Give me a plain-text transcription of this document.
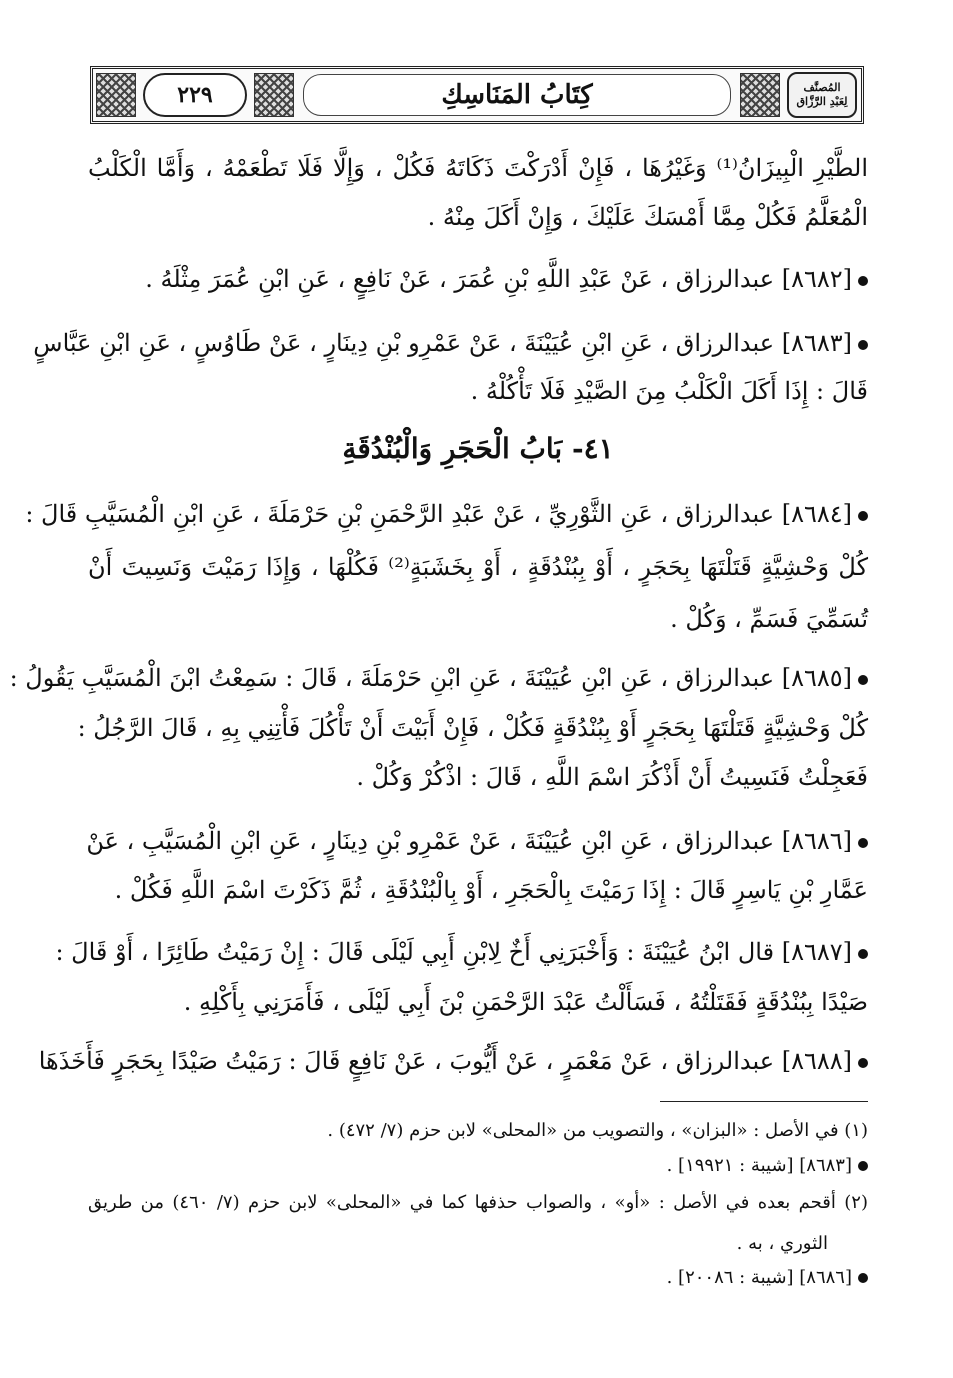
٢٢٩	كِتَابُ المَنَاسِكِ	المُصنَّف
لِعَبْدِ الرَّزَّاق
الطَّيْرِ الْبِيزَانُ⁽¹⁾ وَغَيْرُهَا ، فَإِنْ أَدْرَكْتَ ذَكَاتَهُ فَكُلْ ، وَإِلَّا فَلَا تَطْعَمْهُ ، وَأَمَّا الْكَلْبُ
الْمُعَلَّمُ فَكُلْ مِمَّا أَمْسَكَ عَلَيْكَ ، وَإِنْ أَكَلَ مِنْهُ .
[٨٦٨٢] عبدالرزاق ، عَنْ عَبْدِ اللَّهِ بْنِ عُمَرَ ، عَنْ نَافِعٍ ، عَنِ ابْنِ عُمَرَ مِثْلَهُ .
[٨٦٨٣] عبدالرزاق ، عَنِ ابْنِ عُيَيْنَةَ ، عَنْ عَمْرِو بْنِ دِينَارٍ ، عَنْ طَاوُسٍ ، عَنِ ابْنِ عَبَّاسٍ
قَالَ : إِذَا أَكَلَ الْكَلْبُ مِنَ الصَّيْدِ فَلَا تَأْكُلْهُ .
٤١- بَابُ الْحَجَرِ وَالْبُنْدُقَةِ
[٨٦٨٤] عبدالرزاق ، عَنِ الثَّوْرِيِّ ، عَنْ عَبْدِ الرَّحْمَنِ بْنِ حَرْمَلَةَ ، عَنِ ابْنِ الْمُسَيَّبِ قَالَ :
كُلْ وَحْشِيَّةٍ قَتَلْتَهَا بِحَجَرٍ ، أَوْ بِبُنْدُقَةٍ ، أَوْ بِخَشَبَةٍ⁽²⁾ فَكُلْهَا ، وَإِذَا رَمَيْتَ وَنَسِيتَ أَنْ
تُسَمِّيَ فَسَمِّ ، وَكُلْ .
[٨٦٨٥] عبدالرزاق ، عَنِ ابْنِ عُيَيْنَةَ ، عَنِ ابْنِ حَرْمَلَةَ ، قَالَ : سَمِعْتُ ابْنَ الْمُسَيَّبِ يَقُولُ :
كُلْ وَحْشِيَّةٍ قَتَلْتَهَا بِحَجَرٍ أَوْ بِبُنْدُقَةٍ فَكُلْ ، فَإِنْ أَبَيْتَ أَنْ تَأْكُلَ فَأْتِنِي بِهِ ، قَالَ الرَّجُلُ :
فَعَجِلْتُ فَنَسِيتُ أَنْ أَذْكُرَ اسْمَ اللَّهِ ، قَالَ : اذْكُرْ وَكُلْ .
[٨٦٨٦] عبدالرزاق ، عَنِ ابْنِ عُيَيْنَةَ ، عَنْ عَمْرِو بْنِ دِينَارٍ ، عَنِ ابْنِ الْمُسَيَّبِ ، عَنْ
عَمَّارِ بْنِ يَاسِرٍ قَالَ : إِذَا رَمَيْتَ بِالْحَجَرِ ، أَوْ بِالْبُنْدُقَةِ ، ثُمَّ ذَكَرْتَ اسْمَ اللَّهِ فَكُلْ .
[٨٦٨٧] قال ابْنُ عُيَيْنَةَ : وَأَخْبَرَنِي أَخٌ لِابْنِ أَبِي لَيْلَى قَالَ : إِنْ رَمَيْتُ طَائِرًا ، أَوْ قَالَ :
صَيْدًا بِبُنْدُقَةٍ فَقَتَلْتُهُ ، فَسَأَلْتُ عَبْدَ الرَّحْمَنِ بْنَ أَبِي لَيْلَى ، فَأَمَرَنِي بِأَكْلِهِ .
[٨٦٨٨] عبدالرزاق ، عَنْ مَعْمَرٍ ، عَنْ أَيُّوبَ ، عَنْ نَافِعٍ قَالَ : رَمَيْتُ صَيْدًا بِحَجَرٍ فَأَخَذَهَا
(١) في الأصل : «البزان» ، والتصويب من «المحلى» لابن حزم (٧/ ٤٧٢) .
[٨٦٨٣] [شيبة : ١٩٩٢١] .
(٢) أقحم بعده في الأصل : «أو» ، والصواب حذفها كما في «المحلى» لابن حزم (٧/ ٤٦٠) من طريق
الثوري ، به .
[٨٦٨٦] [شيبة : ٢٠٠٨٦] .
